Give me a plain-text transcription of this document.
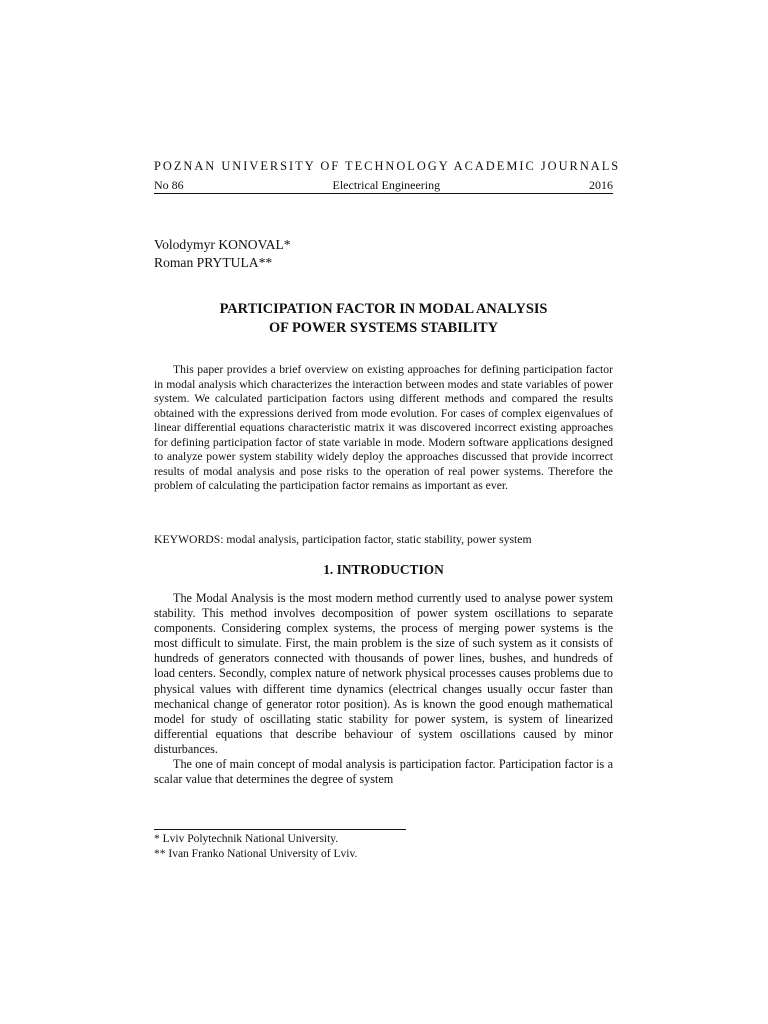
POZNAN UNIVERSITY OF TECHNOLOGY ACADEMIC JOURNALS
No 86	Electrical Engineering	2016
Volodymyr KONOVAL*
Roman PRYTULA**
PARTICIPATION FACTOR IN MODAL ANALYSIS
OF POWER SYSTEMS STABILITY

This paper provides a brief overview on existing approaches for defining participation factor in modal analysis which characterizes the interaction between modes and state variables of power system. We calculated participation factors using different methods and compared the results obtained with the expressions derived from mode evolution. For cases of complex eigenvalues of linear differential equations characteristic matrix it was discovered incorrect existing approaches for defining participation factor of state variable in mode. Modern software applications designed to analyze power system stability widely deploy the approaches discussed that provide incorrect results of modal analysis and pose risks to the operation of real power systems. Therefore the problem of calculating the participation factor remains as important as ever.

KEYWORDS: modal analysis, participation factor, static stability, power system
1. INTRODUCTION

The Modal Analysis is the most modern method currently used to analyse power system stability. This method involves decomposition of power system oscillations to separate components. Considering complex systems, the process of merging power systems is the most difficult to simulate. First, the main problem is the size of such system as it consists of hundreds of generators connected with thousands of power lines, bushes, and hundreds of load centers. Secondly, complex nature of network physical processes causes problems due to physical values with different time dynamics (electrical changes usually occur faster than mechanical change of generator rotor position). As is known the good enough mathematical model for study of oscillating static stability for power system, is system of linearized differential equations that describe behaviour of system oscillations caused by minor disturbances.

The one of main concept of modal analysis is participation factor. Participation factor is a scalar value that determines the degree of system

* Lviv Polytechnik National University.
** Ivan Franko National University of Lviv.
